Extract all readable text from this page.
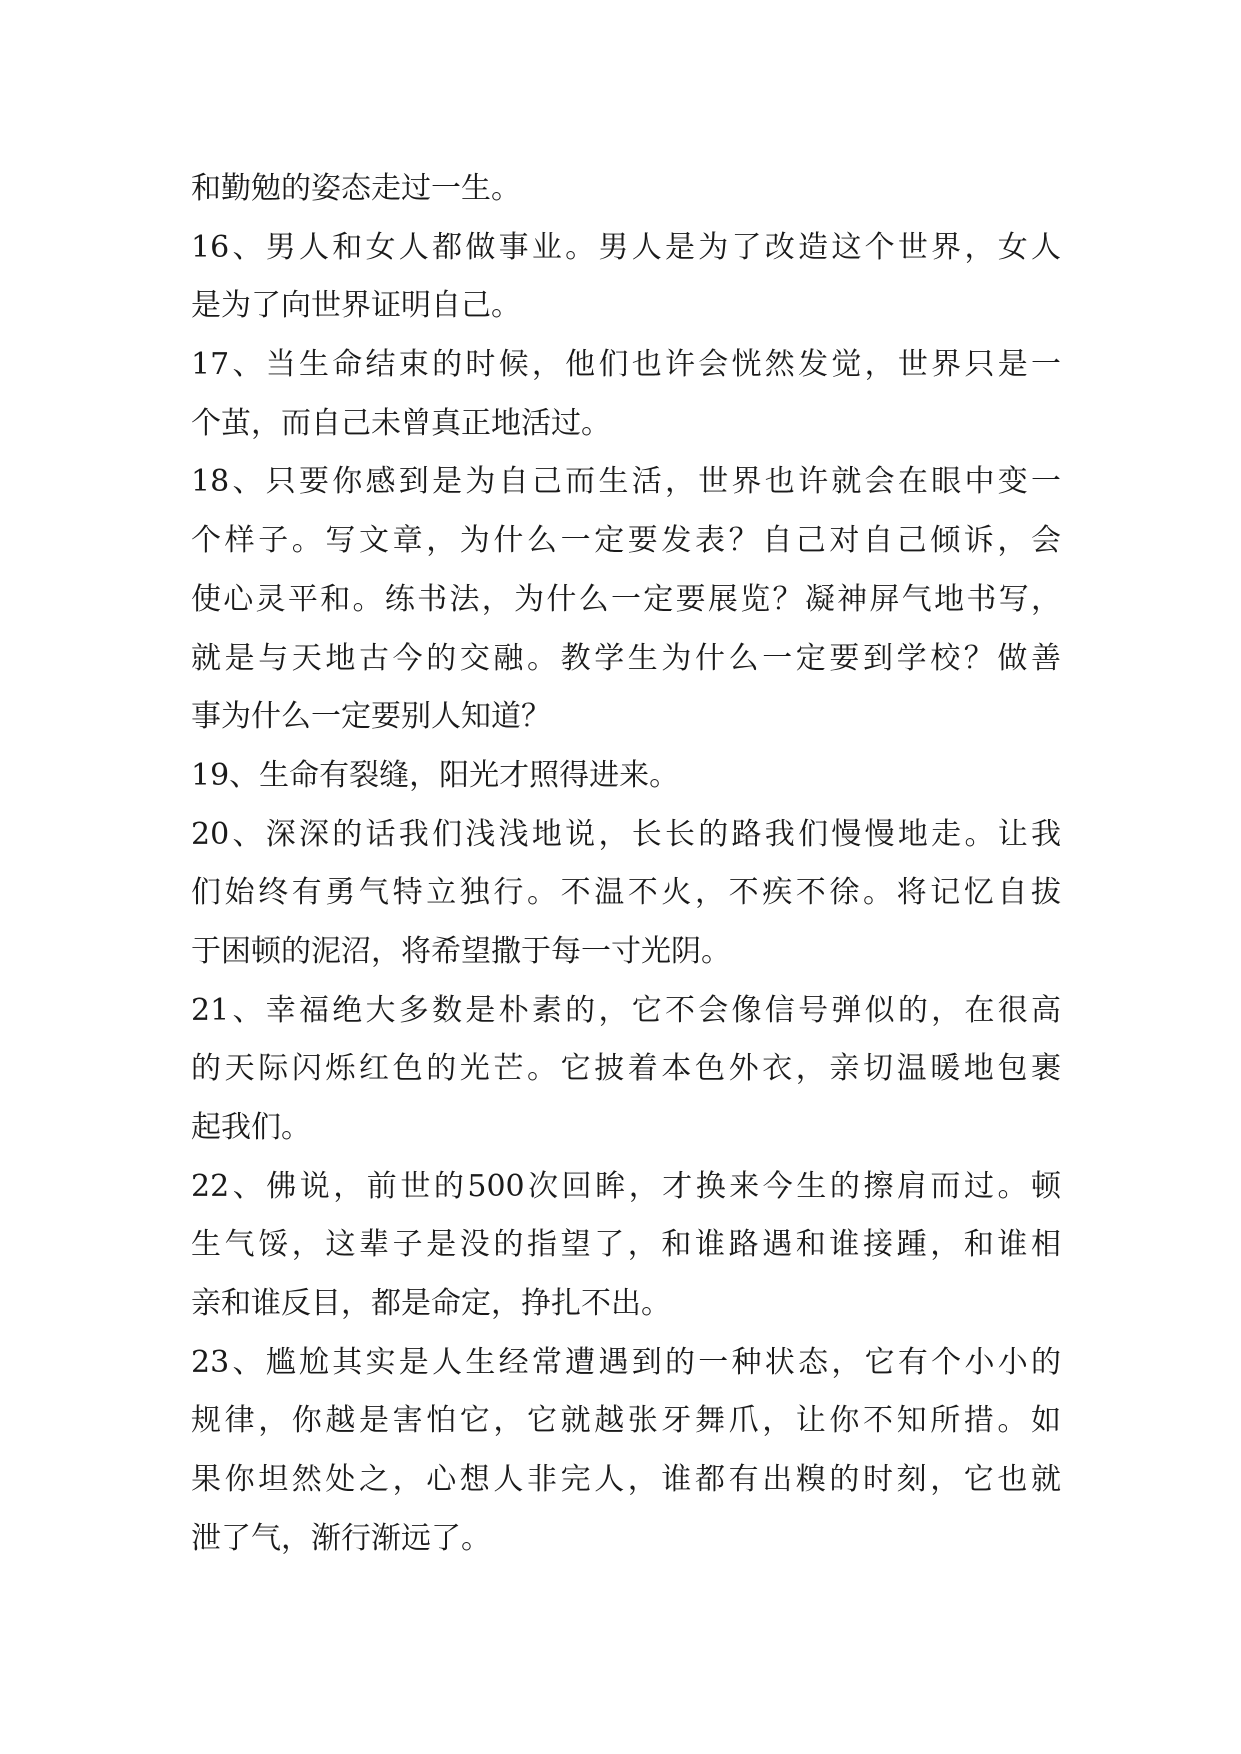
和勤勉的姿态走过一生。
16、男人和女人都做事业。男人是为了改造这个世界，女人
是为了向世界证明自己。
17、当生命结束的时候，他们也许会恍然发觉，世界只是一
个茧，而自己未曾真正地活过。
18、只要你感到是为自己而生活，世界也许就会在眼中变一
个样子。写文章，为什么一定要发表？自己对自己倾诉，会
使心灵平和。练书法，为什么一定要展览？凝神屏气地书写，
就是与天地古今的交融。教学生为什么一定要到学校？做善
事为什么一定要别人知道？
19、生命有裂缝，阳光才照得进来。
20、深深的话我们浅浅地说，长长的路我们慢慢地走。让我
们始终有勇气特立独行。不温不火，不疾不徐。将记忆自拔
于困顿的泥沼，将希望撒于每一寸光阴。
21、幸福绝大多数是朴素的，它不会像信号弹似的，在很高
的天际闪烁红色的光芒。它披着本色外衣，亲切温暖地包裹
起我们。
22、佛说，前世的500次回眸，才换来今生的擦肩而过。顿
生气馁，这辈子是没的指望了，和谁路遇和谁接踵，和谁相
亲和谁反目，都是命定，挣扎不出。
23、尴尬其实是人生经常遭遇到的一种状态，它有个小小的
规律，你越是害怕它，它就越张牙舞爪，让你不知所措。如
果你坦然处之，心想人非完人，谁都有出糗的时刻，它也就
泄了气，渐行渐远了。
